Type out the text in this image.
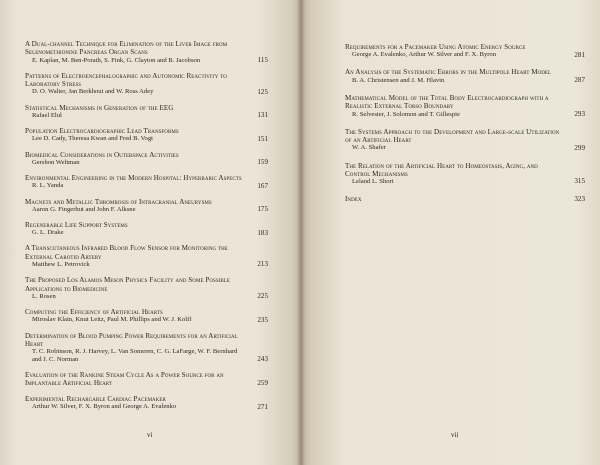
A Dual-channel Technique for Elimination of the Liver Image from Selenomethionine Pancreas Organ Scans
E. Kaplan, M. Ben-Porath, S. Fink, G. Clayton and B. Jacobson	115
Patterns of Electroencephalographic and Autonomic Reactivity to Laboratory Stress
D. O. Walter, Jan Berkhout and W. Ross Adey	125
Statistical Mechanisms in Generation of the EEG
Rafael Elul	131
Population Electrocardiographic Lead Transforms
Lee D. Cady, Theresa Kwan and Fred B. Vogt	151
Biomedical Considerations in Outerspace Activities
Gershon Weltman	159
Environmental Engineering in the Modern Hospital: Hyperbaric Aspects
R. L. Yanda	167
Magnets and Metallic Thrombosis of Intracranial Aneurysms
Aaron G. Fingerhut and John F. Alksne	175
Regenerable Life Support Systems
G. L. Drake	183
A Transcutaneous Infrared Blood Flow Sensor for Monitoring the External Carotid Artery
Matthew L. Petrovick	213
The Proposed Los Alamos Meson Physics Facility and Some Possible Applications to Biomedicine
L. Rosen	225
Computing the Efficiency of Artificial Hearts
Miroslav Klain, Knut Leitz, Paul M. Phillips and W. J. Kolff	235
Determination of Blood Pumping Power Requirements for an Artificial Heart
T. C. Robinson, R. J. Harvey, L. Van Someren, C. G. LaFarge, W. F. Bernhard and J. C. Norman	243
Evaluation of the Rankine Steam Cycle As a Power Source for an Implantable Artificial Heart	259
Experimental Rechargable Cardiac Pacemaker
Arthur W. Silver, F. X. Byron and George A. Evalenko	271
vi
Requirements for a Pacemaker Using Atomic Energy Source
George A. Evalenko, Arthur W. Silver and F. X. Byron	281
An Analysis of the Systematic Errors in the Multipole Heart Model
B. A. Christensen and J. M. Hlavin	287
Mathematical Model of the Total Body Electrocardiograph with a Realistic External Torso Boundary
R. Selvester, J. Solomon and T. Gillespie	293
The Systems Approach to the Development and Large-scale Utilization of an Artificial Heart
W. A. Shafer	299
The Relation of the Artificial Heart to Homeostasis, Aging, and Control Mechanisms
Leland L. Short	315
Index	323
vii
